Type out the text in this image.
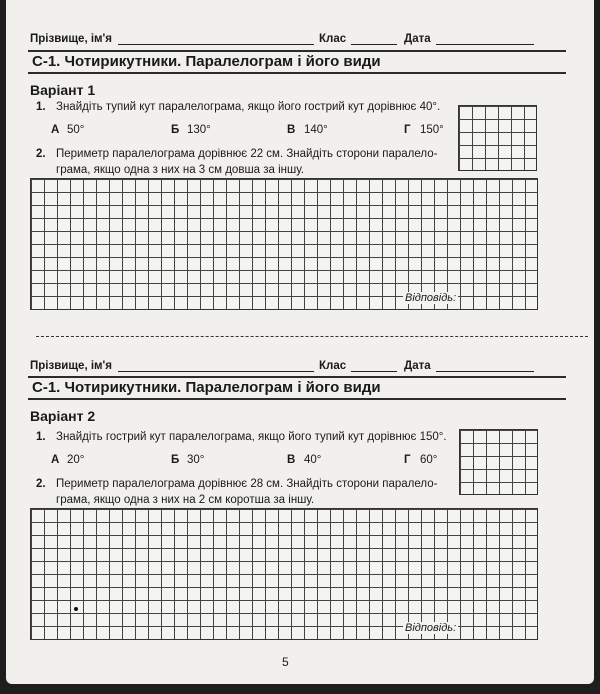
Прізвище, ім'я	Клас	Дата
С-1. Чотирикутники. Паралелограм і його види
Варіант 1
1. Знайдіть тупий кут паралелограма, якщо його гострий кут дорівнює 40°.
А 50°	Б 130°	В 140°	Г 150°
2. Периметр паралелограма дорівнює 22 см. Знайдіть сторони паралело-
грама, якщо одна з них на 3 см довша за іншу.
Відповідь:
Прізвище, ім'я	Клас	Дата
С-1. Чотирикутники. Паралелограм і його види
Варіант 2
1. Знайдіть гострий кут паралелограма, якщо його тупий кут дорівнює 150°.
А 20°	Б 30°	В 40°	Г 60°
2. Периметр паралелограма дорівнює 28 см. Знайдіть сторони паралело-
грама, якщо одна з них на 2 см коротша за іншу.
Відповідь:
5
